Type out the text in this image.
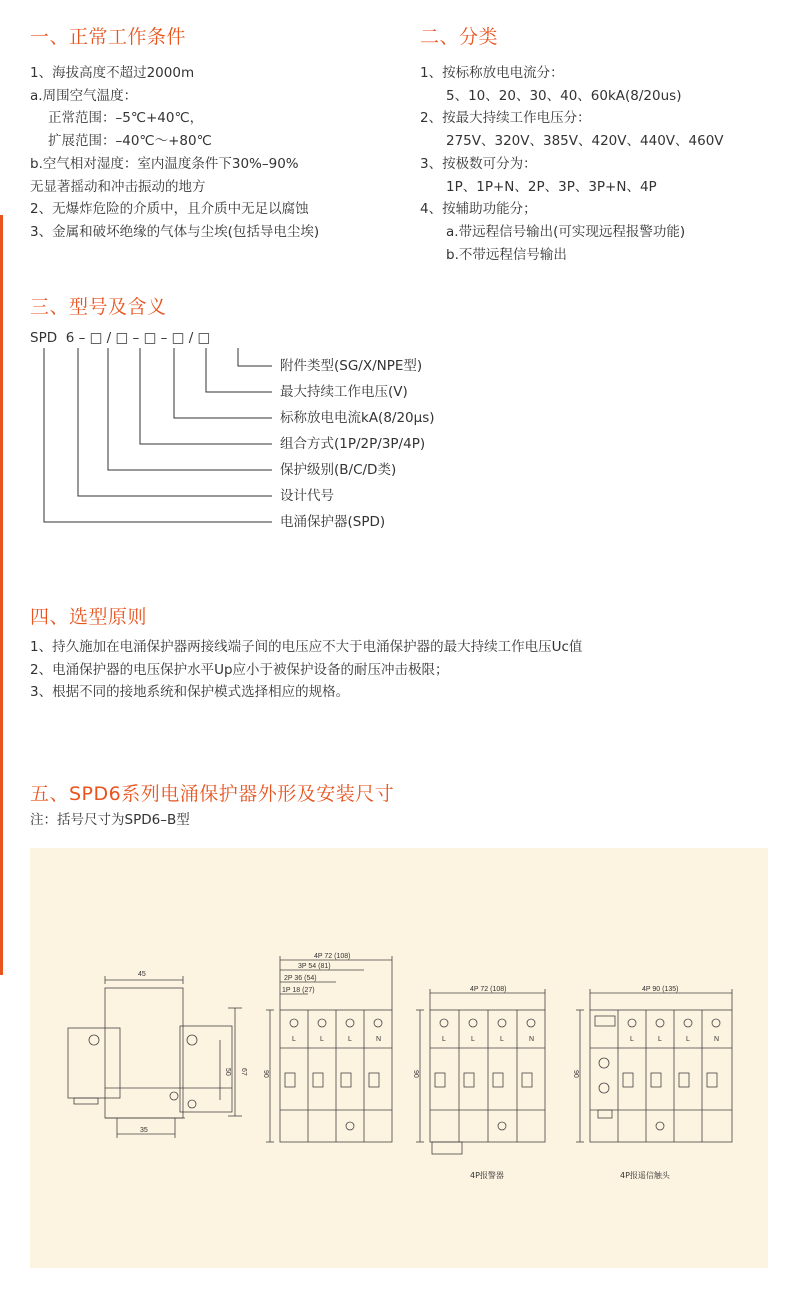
一、正常工作条件
1、海拔高度不超过2000m
a.周围空气温度：
正常范围：–5℃+40℃，
扩展范围：–40℃～+80℃
b.空气相对湿度：室内温度条件下30%–90%
无显著摇动和冲击振动的地方
2、无爆炸危险的介质中，且介质中无足以腐蚀
3、金属和破坏绝缘的气体与尘埃(包括导电尘埃)
二、分类
1、按标称放电电流分：
5、10、20、30、40、60kA(8/20us)
2、按最大持续工作电压分：
275V、320V、385V、420V、440V、460V
3、按极数可分为：
1P、1P+N、2P、3P、3P+N、4P
4、按辅助功能分；
a.带远程信号输出(可实现远程报警功能)
b.不带远程信号输出
三、型号及含义
SPD  6 – □ / □ – □ – □ / □
附件类型(SG/X/NPE型)
最大持续工作电压(V)
标称放电电流kA(8/20μs)
组合方式(1P/2P/3P/4P)
保护级别(B/C/D类)
设计代号
电涌保护器(SPD)
四、选型原则
1、持久施加在电涌保护器两接线端子间的电压应不大于电涌保护器的最大持续工作电压Uc值
2、电涌保护器的电压保护水平Up应小于被保护设备的耐压冲击极限；
3、根据不同的接地系统和保护模式选择相应的规格。
五、SPD6系列电涌保护器外形及安装尺寸
注：括号尺寸为SPD6–B型
45
35
67
50
4P 72 (108)
3P 54 (81)
2P 36 (54)
1P 18 (27)
90
4P 72 (108)
90
4P报警器
4P 90 (135)
90
4P报遥信触头
L	L	L	N	L	L	L	N	L	L	L	N
